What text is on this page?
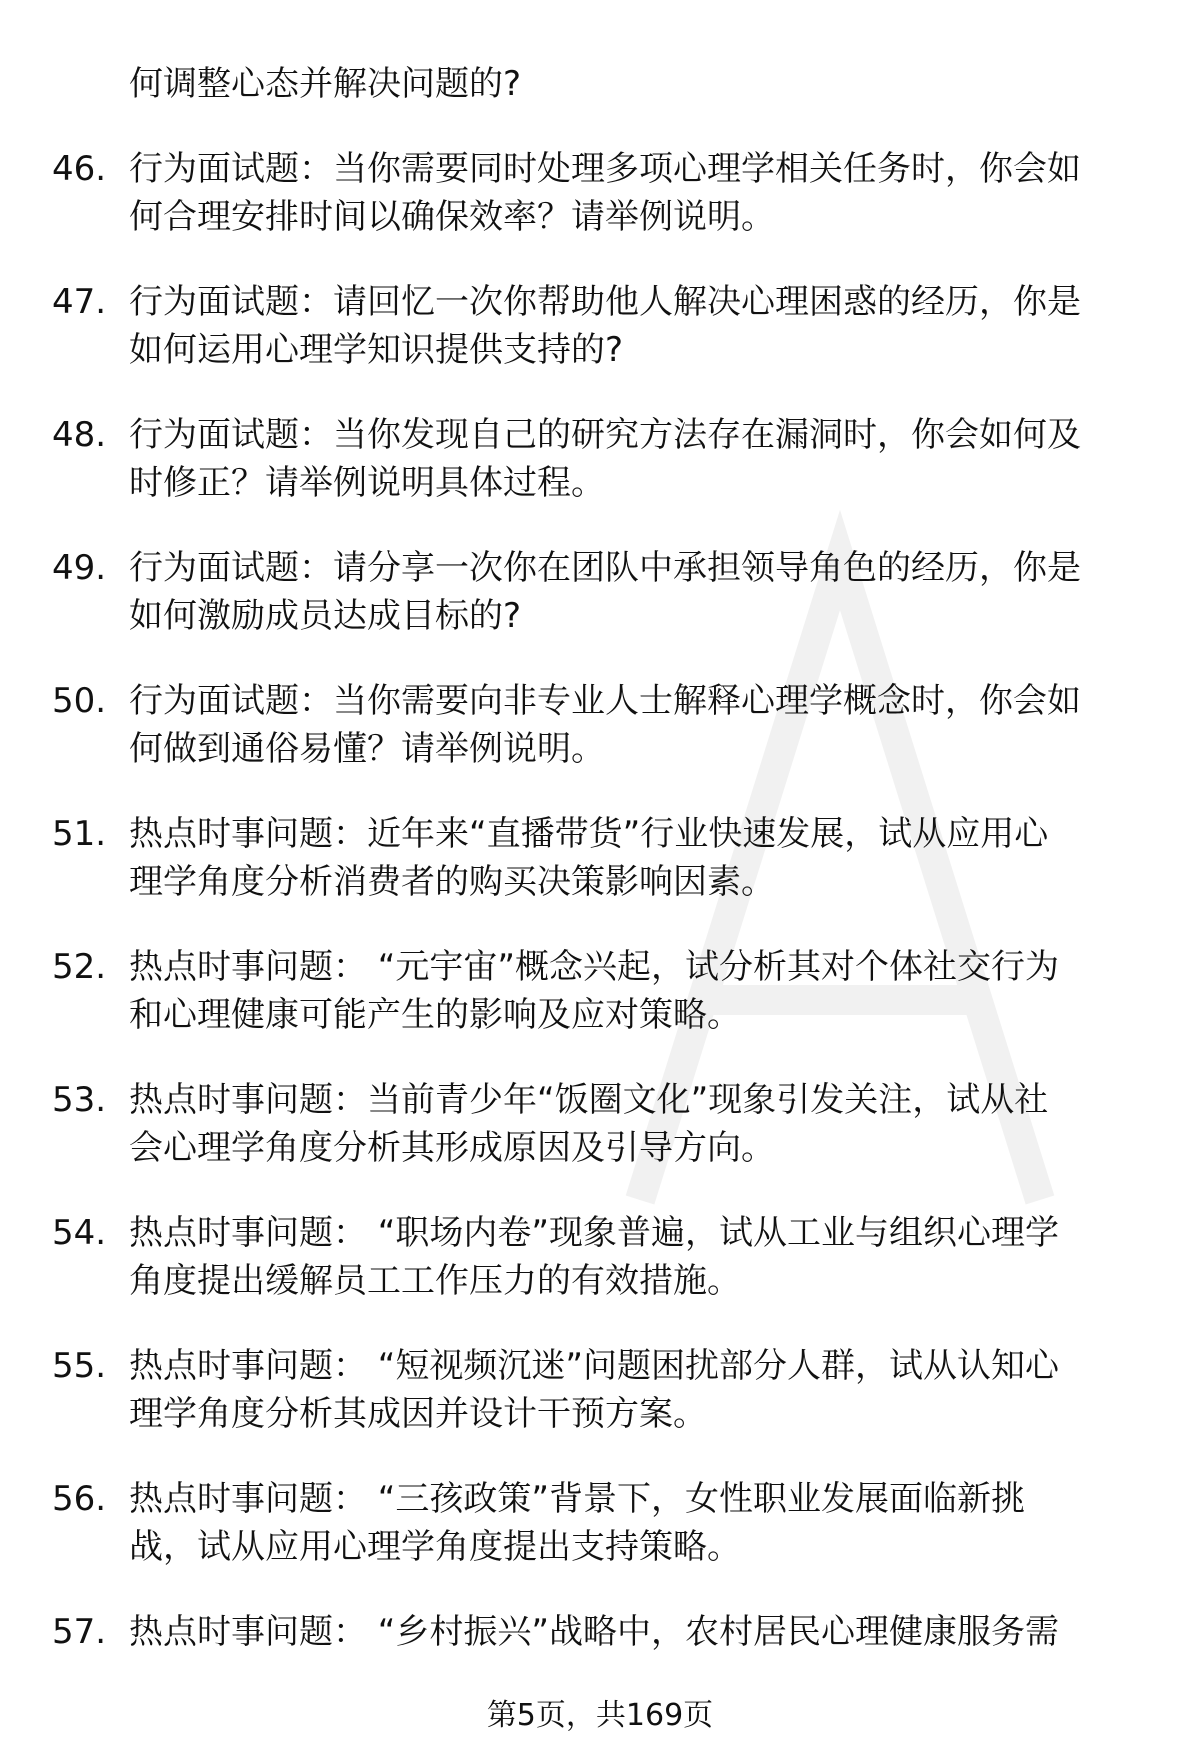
何调整心态并解决问题的?
46. 行为面试题：当你需要同时处理多项心理学相关任务时，你会如
何合理安排时间以确保效率？请举例说明。
47. 行为面试题：请回忆一次你帮助他人解决心理困惑的经历，你是
如何运用心理学知识提供支持的?
48. 行为面试题：当你发现自己的研究方法存在漏洞时，你会如何及
时修正？请举例说明具体过程。
49. 行为面试题：请分享一次你在团队中承担领导角色的经历，你是
如何激励成员达成目标的?
50. 行为面试题：当你需要向非专业人士解释心理学概念时，你会如
何做到通俗易懂？请举例说明。
51. 热点时事问题：近年来“直播带货”行业快速发展，试从应用心
理学角度分析消费者的购买决策影响因素。
52. 热点时事问题： “元宇宙”概念兴起，试分析其对个体社交行为
和心理健康可能产生的影响及应对策略。
53. 热点时事问题：当前青少年“饭圈文化”现象引发关注，试从社
会心理学角度分析其形成原因及引导方向。
54. 热点时事问题： “职场内卷”现象普遍，试从工业与组织心理学
角度提出缓解员工工作压力的有效措施。
55. 热点时事问题： “短视频沉迷”问题困扰部分人群，试从认知心
理学角度分析其成因并设计干预方案。
56. 热点时事问题： “三孩政策”背景下，女性职业发展面临新挑
战，试从应用心理学角度提出支持策略。
57. 热点时事问题： “乡村振兴”战略中，农村居民心理健康服务需
第5页，共169页
